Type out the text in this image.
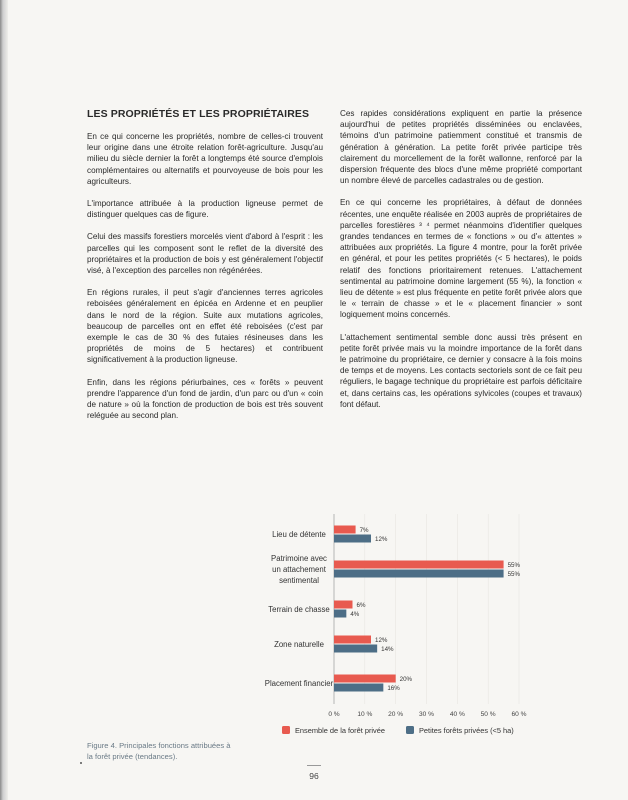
LES PROPRIÉTÉS ET LES PROPRIÉTAIRES

En ce qui concerne les propriétés, nombre de celles-ci trouvent leur origine dans une étroite relation forêt-agriculture. Jusqu'au milieu du siècle dernier la forêt a longtemps été source d'emplois complémentaires ou alternatifs et pourvoyeuse de bois pour les agriculteurs.

L'importance attribuée à la production ligneuse permet de distinguer quelques cas de figure.

Celui des massifs forestiers morcelés vient d'abord à l'esprit : les parcelles qui les composent sont le reflet de la diversité des propriétaires et la production de bois y est généralement l'objectif visé, à l'exception des parcelles non régénérées.

En régions rurales, il peut s'agir d'anciennes terres agricoles reboisées généralement en épicéa en Ardenne et en peuplier dans le nord de la région. Suite aux mutations agricoles, beaucoup de parcelles ont en effet été reboisées (c'est par exemple le cas de 30 % des futaies résineuses dans les propriétés de moins de 5 hectares) et contribuent significativement à la production ligneuse.

Enfin, dans les régions périurbaines, ces « forêts » peuvent prendre l'apparence d'un fond de jardin, d'un parc ou d'un « coin de nature » où la fonction de production de bois est très souvent reléguée au second plan.

Ces rapides considérations expliquent en partie la présence aujourd'hui de petites propriétés disséminées ou enclavées, témoins d'un patrimoine patiemment constitué et transmis de génération à génération. La petite forêt privée participe très clairement du morcellement de la forêt wallonne, renforcé par la dispersion fréquente des blocs d'une même propriété comportant un nombre élevé de parcelles cadastrales ou de gestion.

En ce qui concerne les propriétaires, à défaut de données récentes, une enquête réalisée en 2003 auprès de propriétaires de parcelles forestières ³ ⁴ permet néanmoins d'identifier quelques grandes tendances en termes de « fonctions » ou d'« attentes » attribuées aux propriétés. La figure 4 montre, pour la forêt privée en général, et pour les petites propriétés (< 5 hectares), le poids relatif des fonctions prioritairement retenues. L'attachement sentimental au patrimoine domine largement (55 %), la fonction « lieu de détente » est plus fréquente en petite forêt privée alors que le « terrain de chasse » et le « placement financier » sont logiquement moins concernés.

L'attachement sentimental semble donc aussi très présent en petite forêt privée mais vu la moindre importance de la forêt dans le patrimoine du propriétaire, ce dernier y consacre à la fois moins de temps et de moyens. Les contacts sectoriels sont de ce fait peu réguliers, le bagage technique du propriétaire est parfois déficitaire et, dans certains cas, les opérations sylvicoles (coupes et travaux) font défaut.

Lieu de détente	7%
12%
Patrimoine avec un attachement sentimental
55%
55%
Terrain de chasse	6%
4%
Zone naturelle	12%
14%
Placement financier	20%
16%
0 %	10 % 20 % 30 % 40 % 50 % 60 %
Ensemble de la forêt privée	Petites forêts privées (<5 ha)
Figure 4. Principales fonctions attribuées à la forêt privée (tendances).
96
